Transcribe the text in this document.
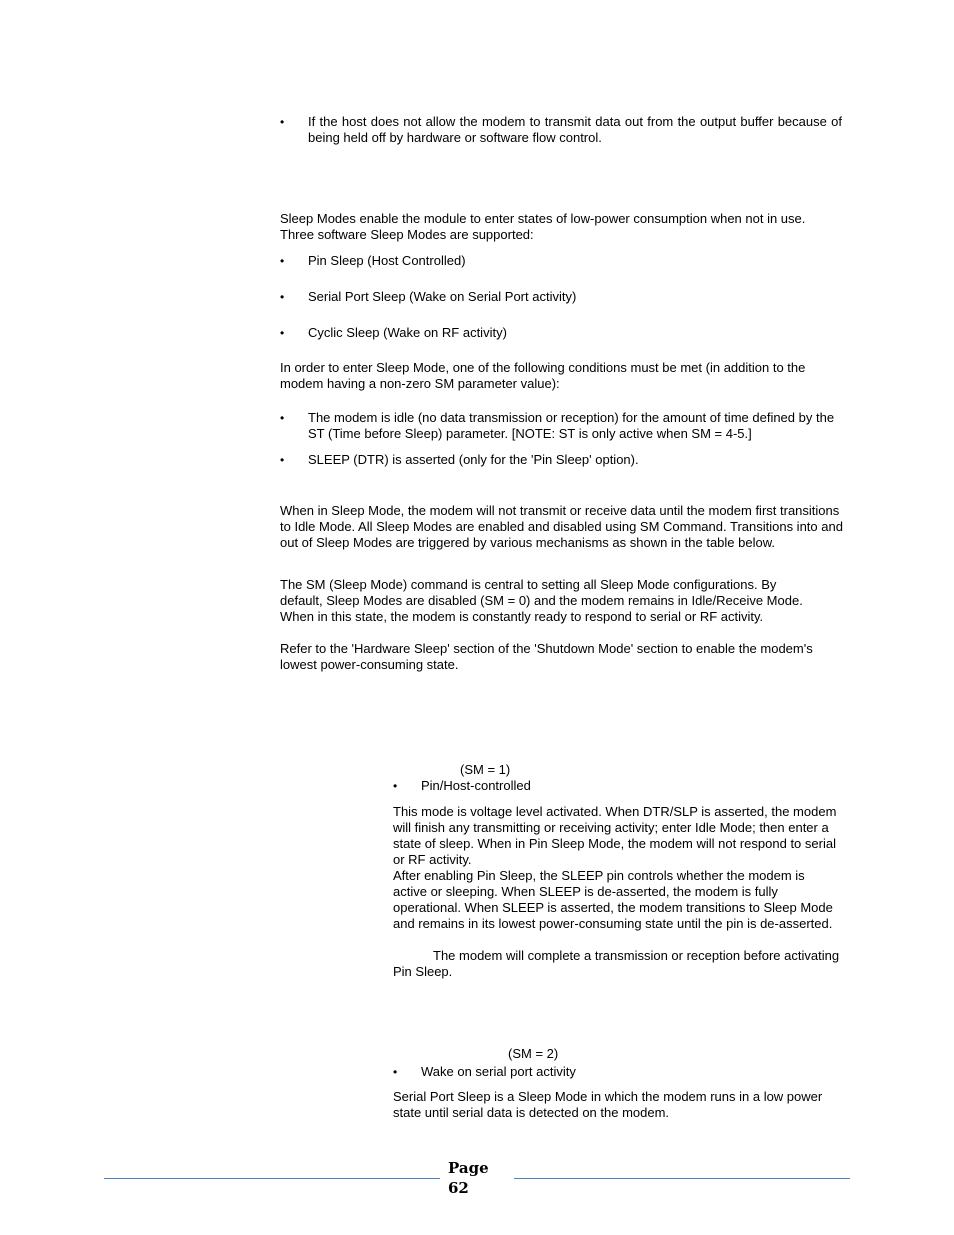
•	If the host does not allow the modem to transmit data out from the output buffer because of being held off by hardware or software flow control.
Sleep Modes enable the module to enter states of low-power consumption when not in use. Three software Sleep Modes are supported:
•	Pin Sleep (Host Controlled)
•	Serial Port Sleep (Wake on Serial Port activity)
•	Cyclic Sleep (Wake on RF activity)
In order to enter Sleep Mode, one of the following conditions must be met (in addition to the modem having a non-zero SM parameter value):
•	The modem is idle (no data transmission or reception) for the amount of time defined by the ST (Time before Sleep) parameter. [NOTE: ST is only active when SM = 4-5.]
•	SLEEP (DTR) is asserted (only for the 'Pin Sleep' option).
When in Sleep Mode, the modem will not transmit or receive data until the modem first transitions to Idle Mode. All Sleep Modes are enabled and disabled using SM Command. Transitions into and out of Sleep Modes are triggered by various mechanisms as shown in the table below.
The SM (Sleep Mode) command is central to setting all Sleep Mode configurations. By default, Sleep Modes are disabled (SM = 0) and the modem remains in Idle/Receive Mode. When in this state, the modem is constantly ready to respond to serial or RF activity.
Refer to the 'Hardware Sleep' section of the 'Shutdown Mode' section to enable the modem's lowest power-consuming state.
(SM = 1)
•	Pin/Host-controlled
This mode is voltage level activated. When DTR/SLP is asserted, the modem will finish any transmitting or receiving activity; enter Idle Mode; then enter a state of sleep. When in Pin Sleep Mode, the modem will not respond to serial or RF activity.
After enabling Pin Sleep, the SLEEP pin controls whether the modem is active or sleeping. When SLEEP is de-asserted, the modem is fully operational. When SLEEP is asserted, the modem transitions to Sleep Mode and remains in its lowest power-consuming state until the pin is de-asserted.
The modem will complete a transmission or reception before activating Pin Sleep.
(SM = 2)
•	Wake on serial port activity
Serial Port Sleep is a Sleep Mode in which the modem runs in a low power state until serial data is detected on the modem.
Page
62
